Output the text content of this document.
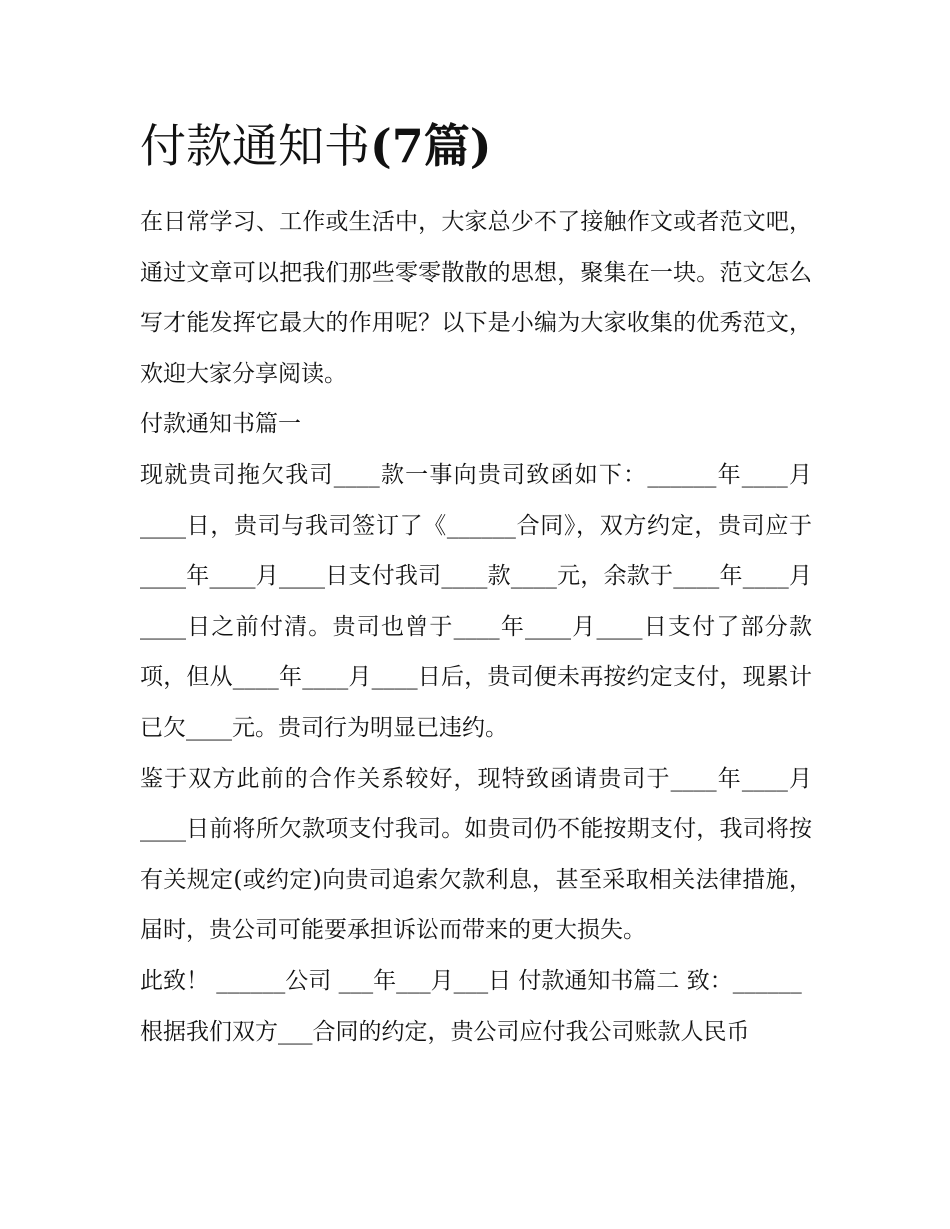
付款通知书(7篇)

在日常学习、工作或生活中，大家总少不了接触作文或者范文吧，通过文章可以把我们那些零零散散的思想，聚集在一块。范文怎么写才能发挥它最大的作用呢？以下是小编为大家收集的优秀范文，欢迎大家分享阅读。

付款通知书篇一

现就贵司拖欠我司____款一事向贵司致函如下：______年____月____日，贵司与我司签订了《______合同》，双方约定，贵司应于____年____月____日支付我司____款____元，余款于____年____月____日之前付清。贵司也曾于____年____月____日支付了部分款项，但从____年____月____日后，贵司便未再按约定支付，现累计已欠____元。贵司行为明显已违约。

鉴于双方此前的合作关系较好，现特致函请贵司于____年____月____日前将所欠款项支付我司。如贵司仍不能按期支付，我司将按有关规定(或约定)向贵司追索欠款利息，甚至采取相关法律措施，届时，贵公司可能要承担诉讼而带来的更大损失。

此致！ ______公司 ___年___月___日 付款通知书篇二 致：______

根据我们双方___合同的约定，贵公司应付我公司账款人民币
